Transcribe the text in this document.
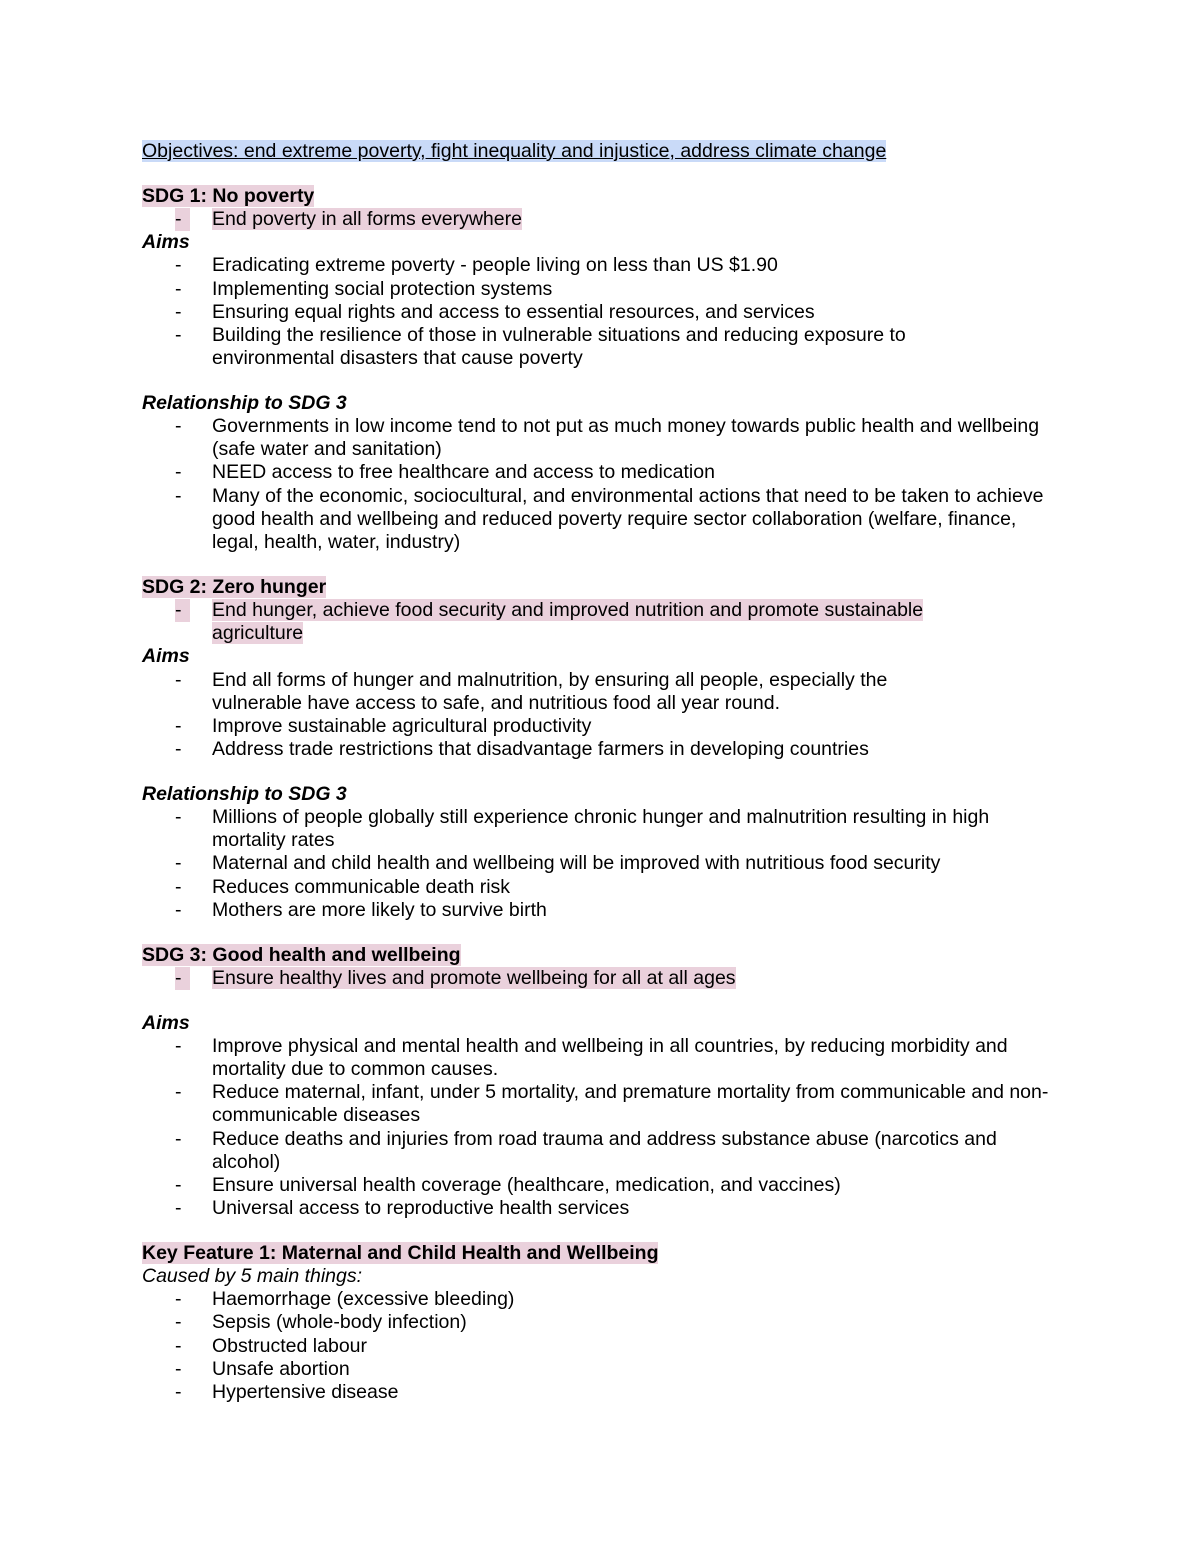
Objectives: end extreme poverty, fight inequality and injustice, address climate change

SDG 1: No poverty

-	End poverty in all forms everywhere

Aims

- Eradicating extreme poverty - people living on less than US $1.90
- Implementing social protection systems
- Ensuring equal rights and access to essential resources, and services
- Building the resilience of those in vulnerable situations and reducing exposure to environmental disasters that cause poverty

Relationship to SDG 3

- Governments in low income tend to not put as much money towards public health and wellbeing (safe water and sanitation)
- NEED access to free healthcare and access to medication
- Many of the economic, sociocultural, and environmental actions that need to be taken to achieve good health and wellbeing and reduced poverty require sector collaboration (welfare, finance, legal, health, water, industry)

SDG 2: Zero hunger

-	End hunger, achieve food security and improved nutrition and promote sustainable agriculture

Aims

- End all forms of hunger and malnutrition, by ensuring all people, especially the vulnerable have access to safe, and nutritious food all year round.
- Improve sustainable agricultural productivity
- Address trade restrictions that disadvantage farmers in developing countries

Relationship to SDG 3

- Millions of people globally still experience chronic hunger and malnutrition resulting in high mortality rates
- Maternal and child health and wellbeing will be improved with nutritious food security
- Reduces communicable death risk
- Mothers are more likely to survive birth

SDG 3: Good health and wellbeing

-	Ensure healthy lives and promote wellbeing for all at all ages

Aims

- Improve physical and mental health and wellbeing in all countries, by reducing morbidity and mortality due to common causes.
- Reduce maternal, infant, under 5 mortality, and premature mortality from communicable and non-communicable diseases
- Reduce deaths and injuries from road trauma and address substance abuse (narcotics and alcohol)
- Ensure universal health coverage (healthcare, medication, and vaccines)
- Universal access to reproductive health services

Key Feature 1: Maternal and Child Health and Wellbeing

Caused by 5 main things:

- Haemorrhage (excessive bleeding)
- Sepsis (whole-body infection)
- Obstructed labour
- Unsafe abortion
- Hypertensive disease
